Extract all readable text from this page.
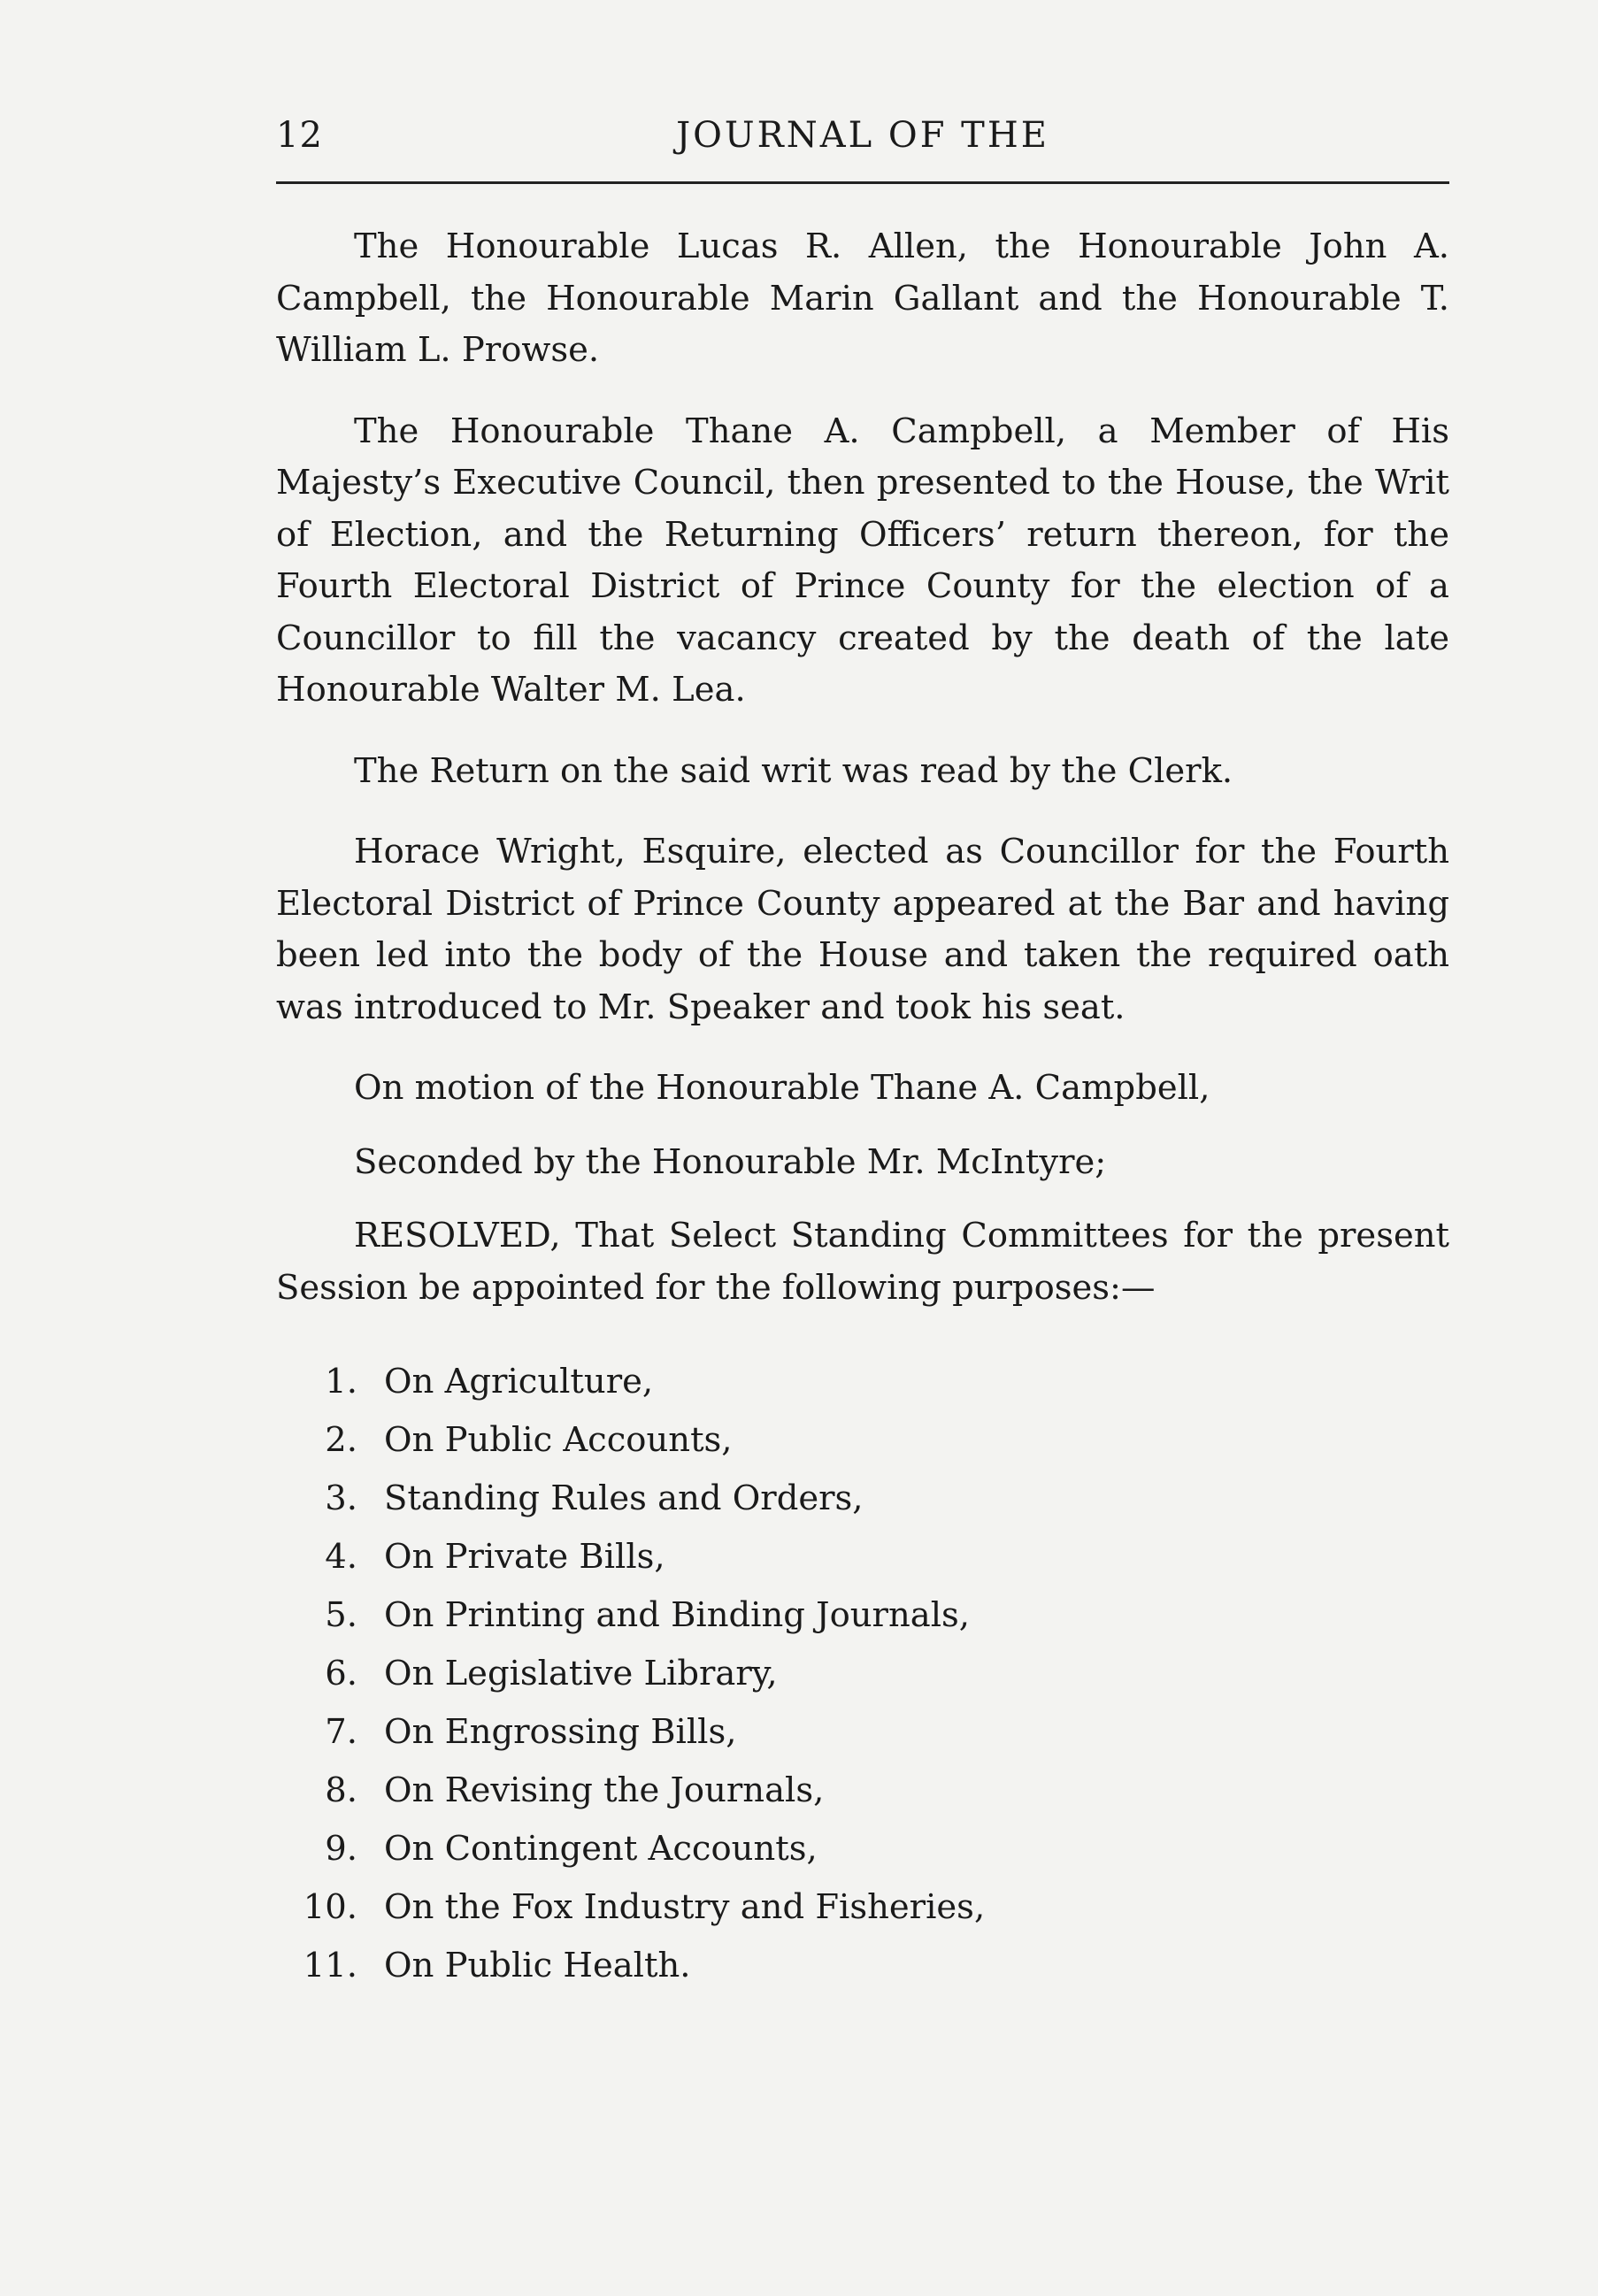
12	JOURNAL OF THE

The Honourable Lucas R. Allen, the Honourable John A. Campbell, the Honourable Marin Gallant and the Honourable T. William L. Prowse.

The Honourable Thane A. Campbell, a Member of His Majesty’s Executive Council, then presented to the House, the Writ of Election, and the Returning Officers’ return thereon, for the Fourth Electoral District of Prince County for the election of a Councillor to fill the vacancy created by the death of the late Honourable Walter M. Lea.

The Return on the said writ was read by the Clerk.

Horace Wright, Esquire, elected as Councillor for the Fourth Electoral District of Prince County appeared at the Bar and having been led into the body of the House and taken the required oath was introduced to Mr. Speaker and took his seat.

On motion of the Honourable Thane A. Campbell,

Seconded by the Honourable Mr. McIntyre;

RESOLVED, That Select Standing Committees for the present Session be appointed for the following purposes:—

1. On Agriculture,
2. On Public Accounts,
3. Standing Rules and Orders,
4. On Private Bills,
5. On Printing and Binding Journals,
6. On Legislative Library,
7. On Engrossing Bills,
8. On Revising the Journals,
9. On Contingent Accounts,
10. On the Fox Industry and Fisheries,
11. On Public Health.
